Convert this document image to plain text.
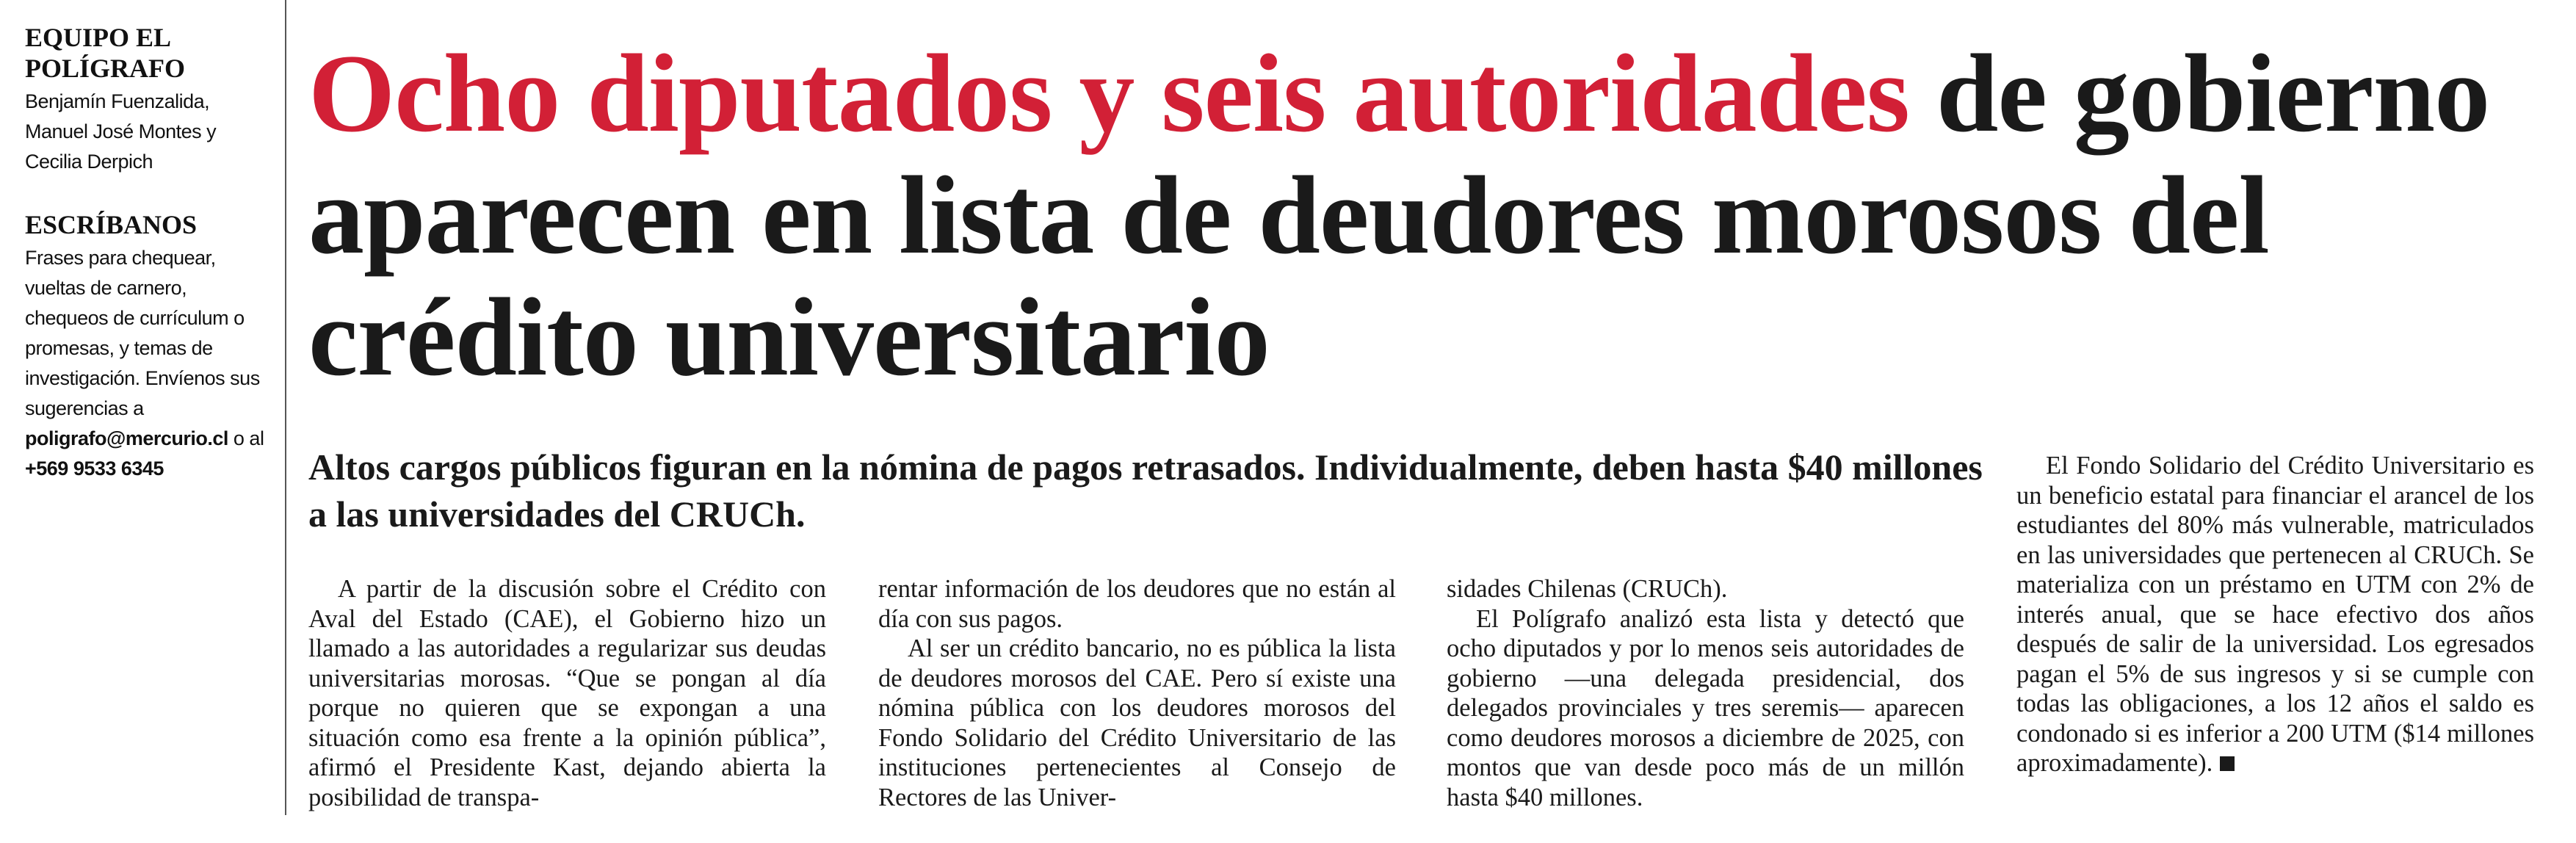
EQUIPO EL POLÍGRAFO

Benjamín Fuenzalida, Manuel José Montes y Cecilia Derpich

ESCRÍBANOS

Frases para chequear, vueltas de carnero, chequeos de currículum o promesas, y temas de investigación. Envíenos sus sugerencias a poligrafo@mercurio.cl o al +569 9533 6345

Ocho diputados y seis autoridades de gobierno aparecen en lista de deudores morosos del crédito universitario
Altos cargos públicos figuran en la nómina de pagos retrasados. Individualmente, deben hasta $40 millones a las universidades del CRUCh.

A partir de la discusión sobre el Crédito con Aval del Estado (CAE), el Gobierno hizo un llamado a las autoridades a regularizar sus deudas universitarias morosas. “Que se pongan al día porque no quieren que se expongan a una situación como esa frente a la opinión pública”, afirmó el Presidente Kast, dejando abierta la posibilidad de transpa-

rentar información de los deudores que no están al día con sus pagos.

Al ser un crédito bancario, no es pública la lista de deudores morosos del CAE. Pero sí existe una nómina pública con los deudores morosos del Fondo Solidario del Crédito Universitario de las instituciones pertenecientes al Consejo de Rectores de las Univer-

sidades Chilenas (CRUCh).

El Polígrafo analizó esta lista y detectó que ocho diputados y por lo menos seis autoridades de gobierno —una delegada presidencial, dos delegados provinciales y tres seremis— aparecen como deudores morosos a diciembre de 2025, con montos que van desde poco más de un millón hasta $40 millones.

El Fondo Solidario del Crédito Universitario es un beneficio estatal para financiar el arancel de los estudiantes del 80% más vulnerable, matriculados en las universidades que pertenecen al CRUCh. Se materializa con un préstamo en UTM con 2% de interés anual, que se hace efectivo dos años después de salir de la universidad. Los egresados pagan el 5% de sus ingresos y si se cumple con todas las obligaciones, a los 12 años el saldo es condonado si es inferior a 200 UTM ($14 millones aproximadamente).
